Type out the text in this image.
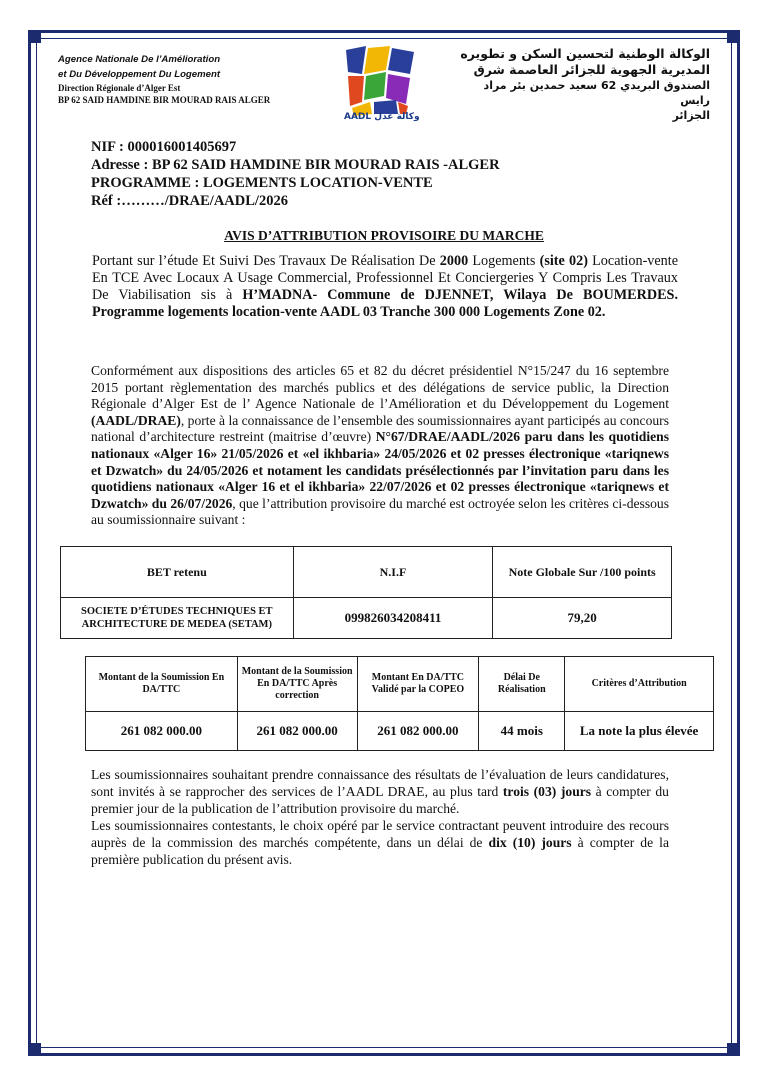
Agence Nationale De l’Amélioration
et Du Développement Du Logement
Direction Régionale d’Alger Est
BP 62 SAID HAMDINE BIR MOURAD RAIS ALGER
AADL وكالة عدل
الوكالة الوطنية لتحسين السكن و تطويره
المديرية الجهوية للجزائر العاصمة شرق
الصندوق البريدي 62 سعيد حمدين بئر مراد رايس
الجزائر
NIF : 000016001405697
Adresse : BP 62 SAID HAMDINE BIR MOURAD RAIS -ALGER
PROGRAMME : LOGEMENTS LOCATION-VENTE
Réf :………/DRAE/AADL/2026
AVIS D’ATTRIBUTION PROVISOIRE DU MARCHE

Portant sur l’étude Et Suivi Des Travaux De Réalisation De 2000 Logements (site 02) Location-vente En TCE Avec Locaux A Usage Commercial, Professionnel Et Conciergeries Y Compris Les Travaux De Viabilisation sis à H’MADNA- Commune de DJENNET, Wilaya De BOUMERDES. Programme logements location-vente AADL 03 Tranche 300 000 Logements Zone 02.

Conformément aux dispositions des articles 65 et 82 du décret présidentiel N°15/247 du 16 septembre 2015 portant règlementation des marchés publics et des délégations de service public, la Direction Régionale d’Alger Est de l’ Agence Nationale de l’Amélioration et du Développement du Logement (AADL/DRAE), porte à la connaissance de l’ensemble des soumissionnaires ayant participés au concours national d’architecture restreint (maitrise d’œuvre) N°67/DRAE/AADL/2026 paru dans les quotidiens nationaux «Alger 16» 21/05/2026 et «el ikhbaria» 24/05/2026 et 02 presses électronique «tariqnews et Dzwatch» du 24/05/2026 et notament les candidats présélectionnés par l’invitation paru dans les quotidiens nationaux «Alger 16 et el ikhbaria» 22/07/2026 et 02 presses électronique «tariqnews et Dzwatch» du 26/07/2026, que l’attribution provisoire du marché est octroyée selon les critères ci-dessous au soumissionnaire suivant :

BET retenu	N.I.F	Note Globale Sur /100 points
SOCIETE D’ÉTUDES TECHNIQUES ET ARCHITECTURE DE MEDEA (SETAM)	099826034208411	79,20
Montant de la Soumission En DA/TTC	Montant de la Soumission En DA/TTC Après correction	Montant En DA/TTC Validé par la COPEO	Délai De Réalisation	Critères d’Attribution
261 082 000.00	261 082 000.00	261 082 000.00	44 mois	La note la plus élevée
Les soumissionnaires souhaitant prendre connaissance des résultats de l’évaluation de leurs candidatures, sont invités à se rapprocher des services de l’AADL DRAE, au plus tard trois (03) jours à compter du premier jour de la publication de l’attribution provisoire du marché.
Les soumissionnaires contestants, le choix opéré par le service contractant peuvent introduire des recours auprès de la commission des marchés compétente, dans un délai de dix (10) jours à compter de la première publication du présent avis.
